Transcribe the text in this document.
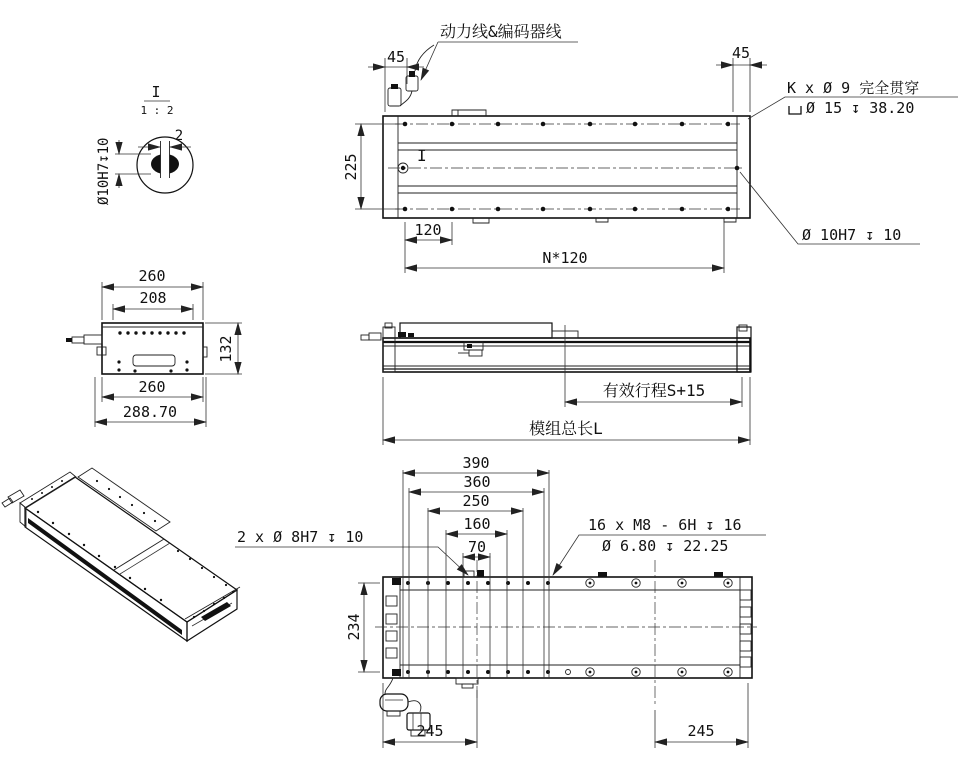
I
1 : 2
2
Ø10H7↧10	I
动力线&编码器线
45	45
225
120
N*120
K x Ø 9 完全贯穿
Ø 15 ↧ 38.20
Ø 10H7 ↧ 10
260
208
132
260
288.70
有效行程S+15
模组总长L
390
360
250
160
70
234
245	245
2 x Ø 8H7 ↧ 10
16 x M8 - 6H ↧ 16
Ø 6.80 ↧ 22.25
